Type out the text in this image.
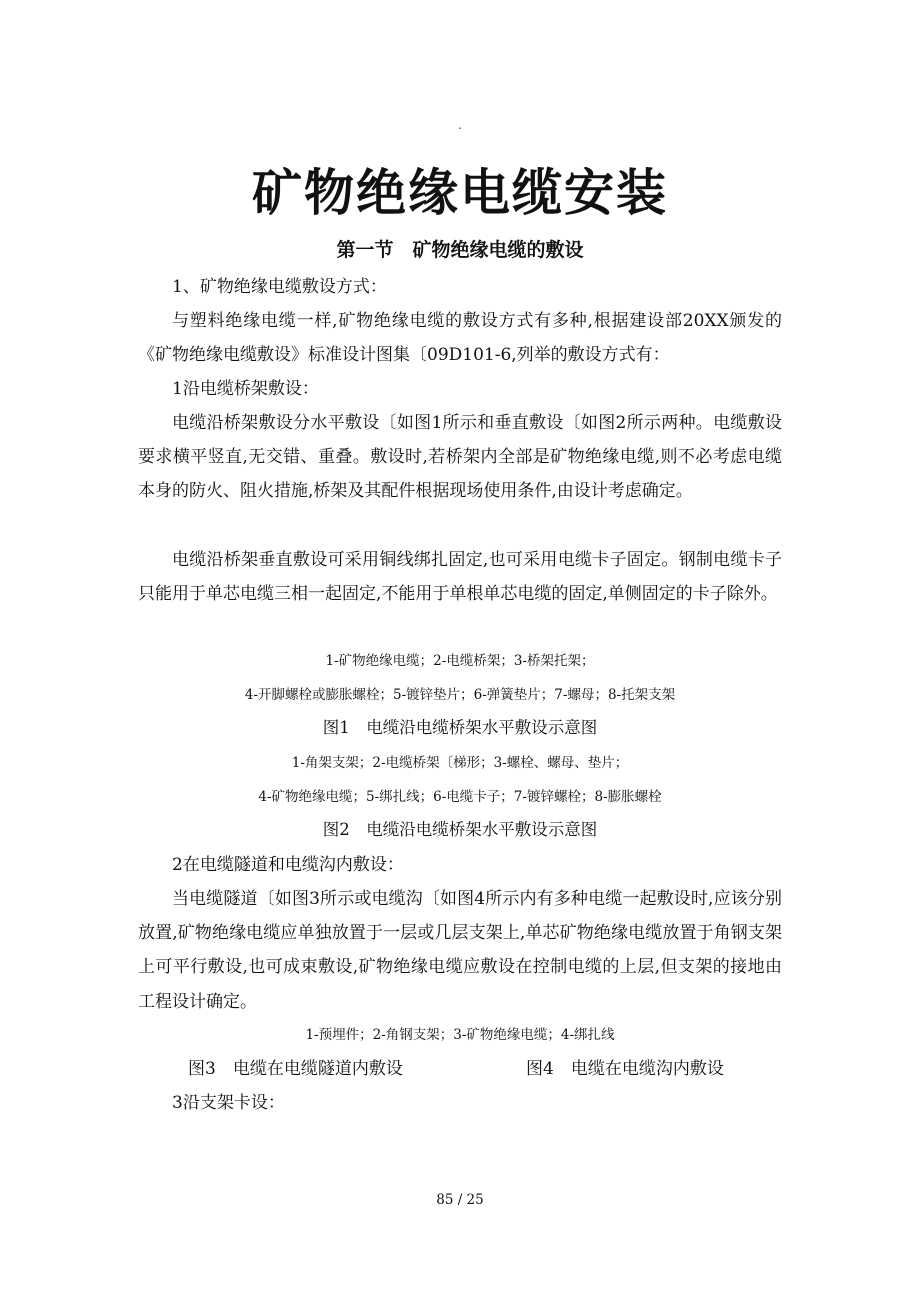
.
矿物绝缘电缆安装
第一节　矿物绝缘电缆的敷设
1、矿物绝缘电缆敷设方式：
与塑料绝缘电缆一样,矿物绝缘电缆的敷设方式有多种,根据建设部20XX颁发的《矿物绝缘电缆敷设》标准设计图集〔09D101-6,列举的敷设方式有：
1沿电缆桥架敷设：
电缆沿桥架敷设分水平敷设〔如图1所示和垂直敷设〔如图2所示两种。电缆敷设要求横平竖直,无交错、重叠。敷设时,若桥架内全部是矿物绝缘电缆,则不必考虑电缆本身的防火、阻火措施,桥架及其配件根据现场使用条件,由设计考虑确定。
电缆沿桥架垂直敷设可采用铜线绑扎固定,也可采用电缆卡子固定。钢制电缆卡子只能用于单芯电缆三相一起固定,不能用于单根单芯电缆的固定,单侧固定的卡子除外。
1-矿物绝缘电缆；2-电缆桥架；3-桥架托架；
4-开脚螺栓或膨胀螺栓；5-镀锌垫片；6-弹簧垫片；7-螺母；8-托架支架
图1　电缆沿电缆桥架水平敷设示意图
1-角架支架；2-电缆桥架〔梯形；3-螺栓、螺母、垫片；
4-矿物绝缘电缆；5-绑扎线；6-电缆卡子；7-镀锌螺栓；8-膨胀螺栓
图2　电缆沿电缆桥架水平敷设示意图
2在电缆隧道和电缆沟内敷设：
当电缆隧道〔如图3所示或电缆沟〔如图4所示内有多种电缆一起敷设时,应该分别放置,矿物绝缘电缆应单独放置于一层或几层支架上,单芯矿物绝缘电缆放置于角钢支架上可平行敷设,也可成束敷设,矿物绝缘电缆应敷设在控制电缆的上层,但支架的接地由工程设计确定。
1-预埋件；2-角钢支架；3-矿物绝缘电缆；4-绑扎线
图3　电缆在电缆隧道内敷设	图4　电缆在电缆沟内敷设
3沿支架卡设：
85 / 25
